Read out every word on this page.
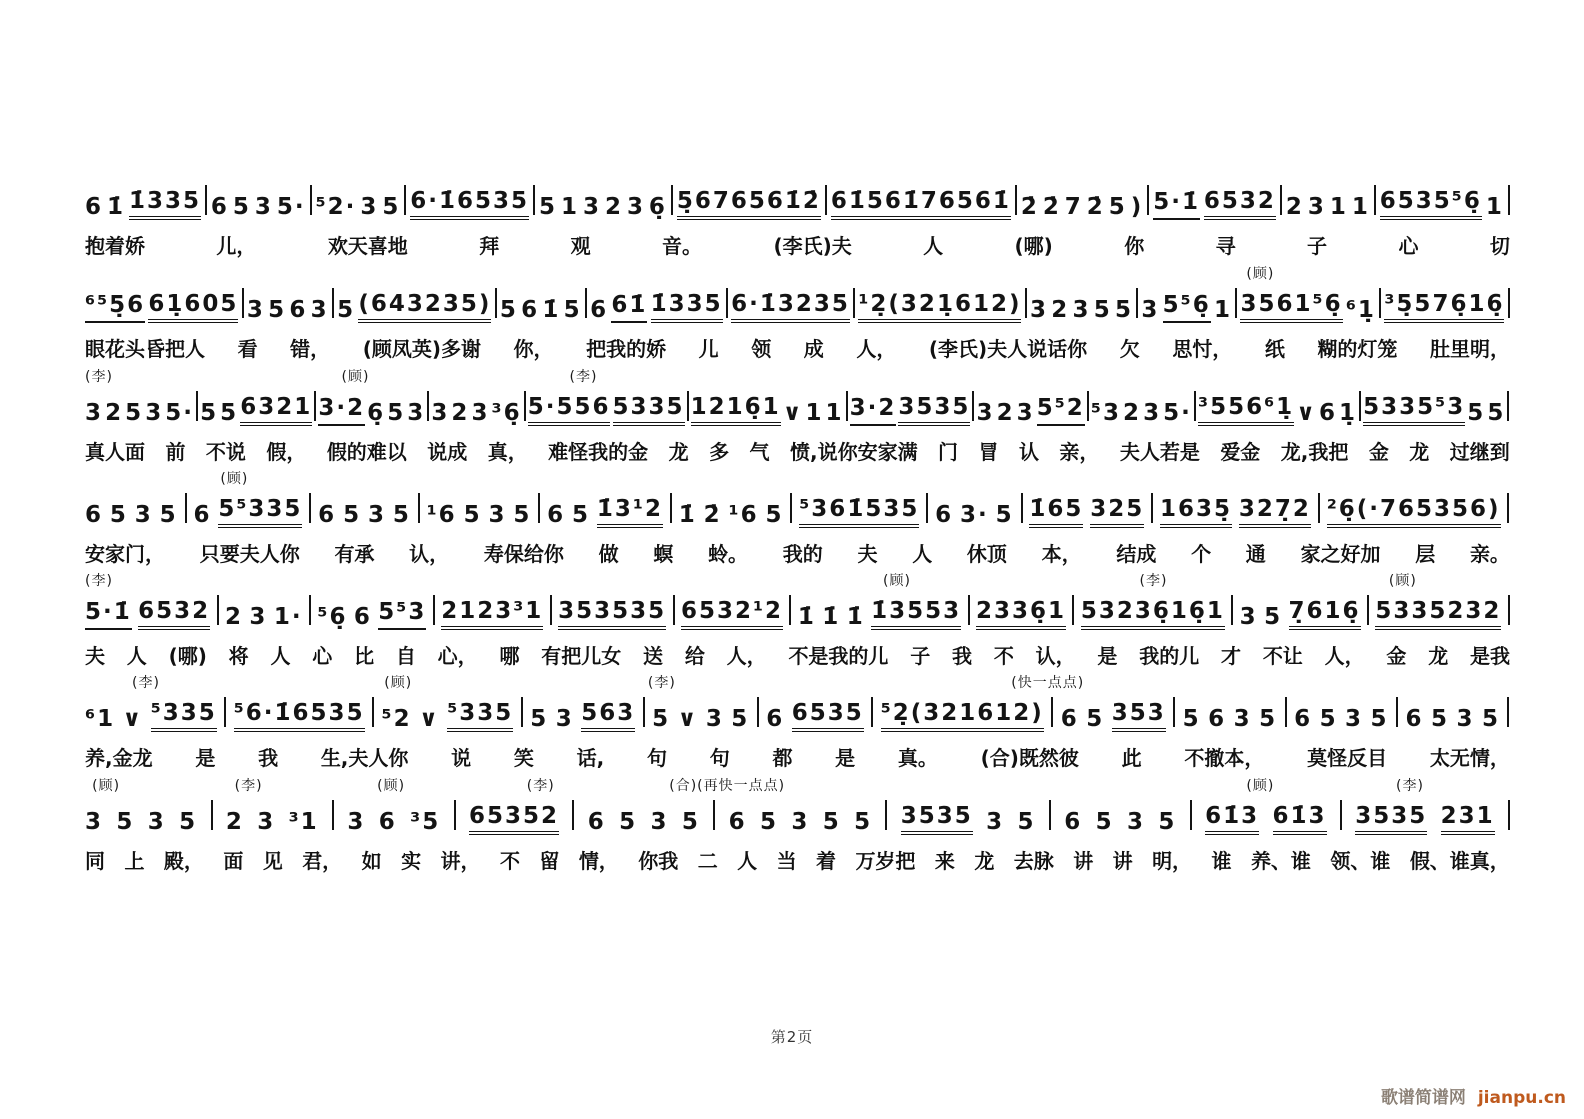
6 1̇ 1̇335 6 5 3 5· ⁵2· 3 5 6·1̇6535 5 1 3 2 3 6̣ 5̣676561̇2̇ 61̇561̇76561̇ 2̇ 2̇ 7 2̇ 5 ) 5·1̇ 6532 2 3 1 1 6535⁵6̣ 1
抱着娇	儿，	欢天喜地	拜	观	音。	(李氏)夫	人	(哪)	你	寻	子	心	切
(顾)
⁶⁵5̣6 61̣605 3 5 6 3 5 (643235) 5 6 1̇ 5 6 61̇ 1̇335 6·1̇3235 ¹2̣(321̣612) 3 2 3 5 5 3 5⁵6̣ 1 3561⁵6̣ ⁶1̣ ³5̣576̣16̣
眼花头昏把人 看 错， (顾凤英)多谢 你， 把我的娇 儿 领 成 人， (李氏)夫人说话你 欠 思忖， 纸 糊的灯笼 肚里明，
(李)	(顾)	(李)
3 2 5 3 5· 5 5 6321 3·2 6̣ 5 3 3 2 3 ³6̣ 5·556 5335 1216̣1 ∨ 1 1 3·2 3535 3 2 3 5⁵2 ⁵3 2 3 5· ³556⁶1̣ ∨ 6 1̣ 5335⁵3 5 5
真人面 前 不说 假， 假的难以 说成 真， 难怪我的金 龙 多 气 愤,说你安家满 门 冒 认 亲， 夫人若是 爱金 龙,我把 金 龙 过继到
(顾)
6 5 3 5 6 5⁵335 6 5 3 5 ¹6 5 3 5 6 5 1̇3¹2 1̇ 2̇ ¹6 5 ⁵361̇535 6 3· 5 1̇65 325 1635̣ 327̣2 ²6̣(·765356)
安家门， 只要夫人你 有承 认， 寿保给你 做 螟 蛉。 我的 夫 人 休顶 本， 结成 个 通 家之好加 层 亲。
(李)	(顾)	(李)	(顾)
5·1̇ 6532 2 3 1· ⁵6̣ 6 5⁵3 2123³1 353535 6532¹2 1̇ 1̇ 1̇ 1̇3553 2336̣1 53236̣16̣1 3 5 7̣616̣ 5335232
夫 人 (哪) 将 人 心 比 自 心， 哪 有把儿女 送 给 人， 不是我的儿 子 我 不 认， 是 我的儿 才 不让 人， 金 龙 是我
(李)	(顾)	(李)	(快一点点)
⁶1 ∨ ⁵335 ⁵6·1̇6535 ⁵2 ∨ ⁵335 5 3 563 5 ∨ 3 5 6 6535 ⁵2̣(321612) 6 5 353 5 6 3 5 6 5 3 5 6 5 3 5
养,金龙 是 我 生,夫人你 说 笑 话, 句 句 都 是 真。 (合)既然彼 此 不撤本， 莫怪反目 太无情，
(顾)	(李)	(顾)	(李)	(合)(再快一点点)	(顾)	(李)
3 5 3 5 2 3 ³1 3 6 ³5 65352 6 5 3 5 6 5 3 5 5 3535 3 5 6 5 3 5 61̇3 61̇3 3535 231
同 上 殿， 面 见 君， 如 实 讲， 不 留 情， 你我 二 人 当 着 万岁把 来 龙 去脉 讲 讲 明， 谁 养、谁 领、谁 假、谁真，
第2页
歌谱简谱网 jianpu.cn
